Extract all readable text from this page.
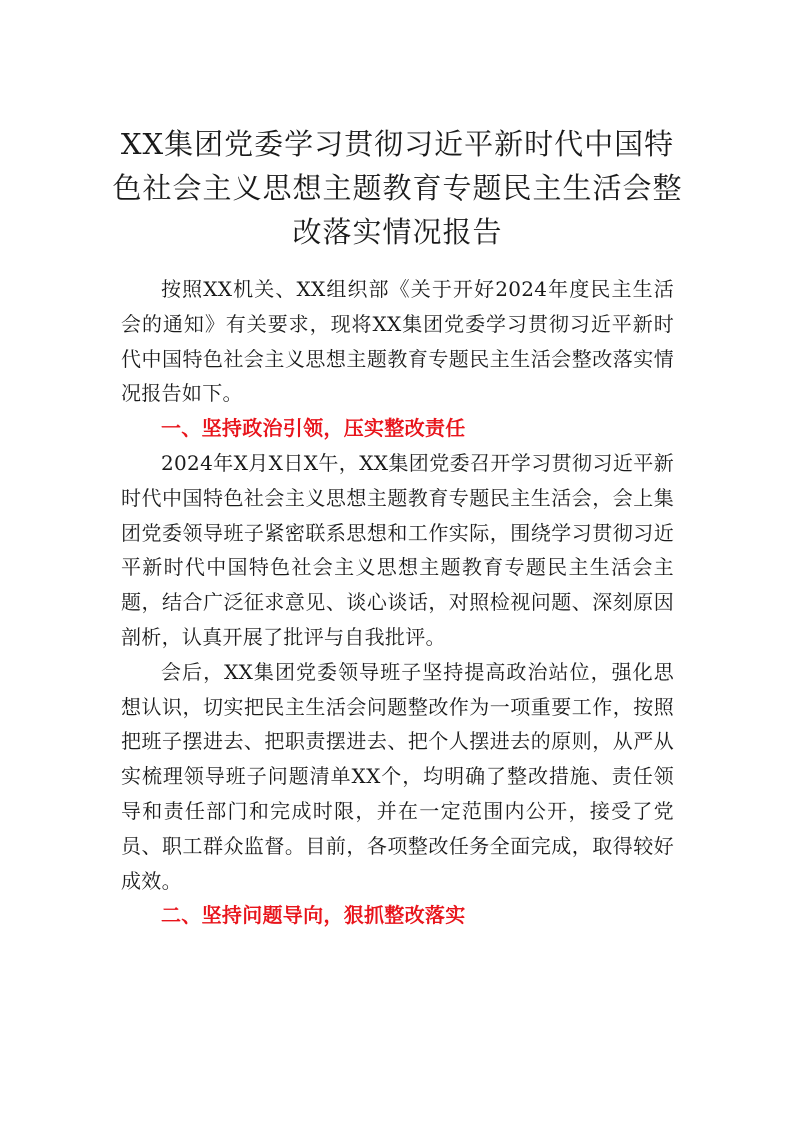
XX集团党委学习贯彻习近平新时代中国特色社会主义思想主题教育专题民主生活会整改落实情况报告

按照XX机关、XX组织部《关于开好2024年度民主生活会的通知》有关要求，现将XX集团党委学习贯彻习近平新时代中国特色社会主义思想主题教育专题民主生活会整改落实情况报告如下。

一、坚持政治引领，压实整改责任

2024年X月X日X午，XX集团党委召开学习贯彻习近平新时代中国特色社会主义思想主题教育专题民主生活会，会上集团党委领导班子紧密联系思想和工作实际，围绕学习贯彻习近平新时代中国特色社会主义思想主题教育专题民主生活会主题，结合广泛征求意见、谈心谈话，对照检视问题、深刻原因剖析，认真开展了批评与自我批评。

会后，XX集团党委领导班子坚持提高政治站位，强化思想认识，切实把民主生活会问题整改作为一项重要工作，按照把班子摆进去、把职责摆进去、把个人摆进去的原则，从严从实梳理领导班子问题清单XX个，均明确了整改措施、责任领导和责任部门和完成时限，并在一定范围内公开，接受了党员、职工群众监督。目前，各项整改任务全面完成，取得较好成效。

二、坚持问题导向，狠抓整改落实
